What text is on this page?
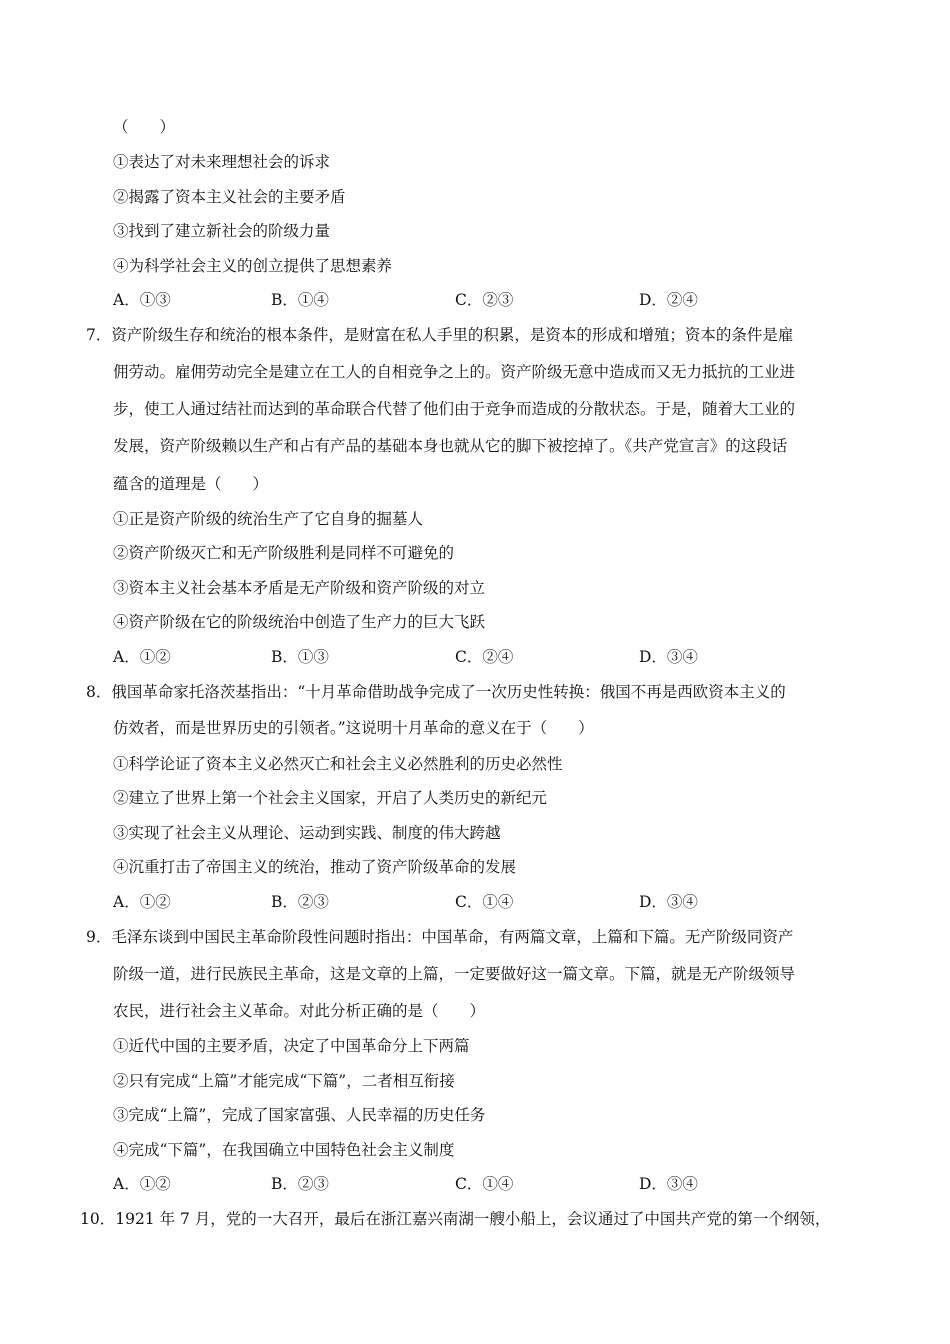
（　　）
①表达了对未来理想社会的诉求
②揭露了资本主义社会的主要矛盾
③找到了建立新社会的阶级力量
④为科学社会主义的创立提供了思想素养
A．①③	B．①④	C．②③	D．②④
7．资产阶级生存和统治的根本条件，是财富在私人手里的积累，是资本的形成和增殖；资本的条件是雇
佣劳动。雇佣劳动完全是建立在工人的自相竞争之上的。资产阶级无意中造成而又无力抵抗的工业进
步，使工人通过结社而达到的革命联合代替了他们由于竞争而造成的分散状态。于是，随着大工业的
发展，资产阶级赖以生产和占有产品的基础本身也就从它的脚下被挖掉了。《共产党宣言》的这段话
蕴含的道理是（　　）
①正是资产阶级的统治生产了它自身的掘墓人
②资产阶级灭亡和无产阶级胜利是同样不可避免的
③资本主义社会基本矛盾是无产阶级和资产阶级的对立
④资产阶级在它的阶级统治中创造了生产力的巨大飞跃
A．①②	B．①③	C．②④	D．③④
8．俄国革命家托洛茨基指出：“十月革命借助战争完成了一次历史性转换：俄国不再是西欧资本主义的
仿效者，而是世界历史的引领者。”这说明十月革命的意义在于（　　）
①科学论证了资本主义必然灭亡和社会主义必然胜利的历史必然性
②建立了世界上第一个社会主义国家，开启了人类历史的新纪元
③实现了社会主义从理论、运动到实践、制度的伟大跨越
④沉重打击了帝国主义的统治，推动了资产阶级革命的发展
A．①②	B．②③	C．①④	D．③④
9．毛泽东谈到中国民主革命阶段性问题时指出：中国革命，有两篇文章，上篇和下篇。无产阶级同资产
阶级一道，进行民族民主革命，这是文章的上篇，一定要做好这一篇文章。下篇，就是无产阶级领导
农民，进行社会主义革命。对此分析正确的是（　　）
①近代中国的主要矛盾，决定了中国革命分上下两篇
②只有完成“上篇”才能完成“下篇”，二者相互衔接
③完成“上篇”，完成了国家富强、人民幸福的历史任务
④完成“下篇”，在我国确立中国特色社会主义制度
A．①②	B．②③	C．①④	D．③④
10．1921 年 7 月，党的一大召开，最后在浙江嘉兴南湖一艘小船上，会议通过了中国共产党的第一个纲领，
